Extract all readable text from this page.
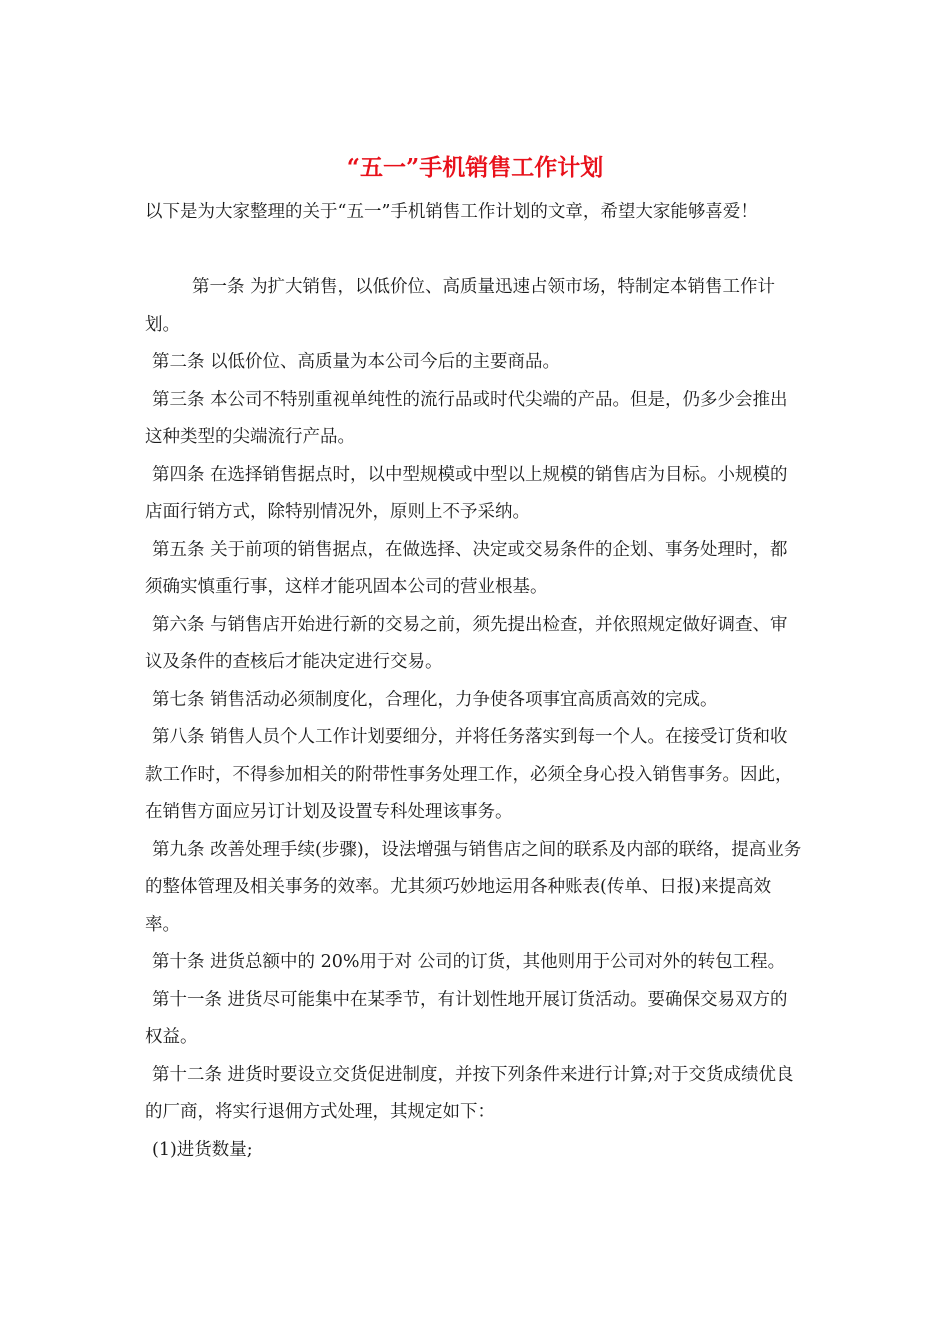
“五一”手机销售工作计划

以下是为大家整理的关于“五一”手机销售工作计划的文章，希望大家能够喜爱！

第一条 为扩大销售，以低价位、高质量迅速占领市场，特制定本销售工作计划。

第二条 以低价位、高质量为本公司今后的主要商品。

第三条 本公司不特别重视单纯性的流行品或时代尖端的产品。但是，仍多少会推出这种类型的尖端流行产品。

第四条 在选择销售据点时，以中型规模或中型以上规模的销售店为目标。小规模的店面行销方式，除特别情况外，原则上不予采纳。

第五条 关于前项的销售据点，在做选择、决定或交易条件的企划、事务处理时，都须确实慎重行事，这样才能巩固本公司的营业根基。

第六条 与销售店开始进行新的交易之前，须先提出检查，并依照规定做好调查、审议及条件的查核后才能决定进行交易。

第七条 销售活动必须制度化，合理化，力争使各项事宜高质高效的完成。

第八条 销售人员个人工作计划要细分，并将任务落实到每一个人。在接受订货和收款工作时，不得参加相关的附带性事务处理工作，必须全身心投入销售事务。因此，在销售方面应另订计划及设置专科处理该事务。

第九条 改善处理手续(步骤)，设法增强与销售店之间的联系及内部的联络，提高业务的整体管理及相关事务的效率。尤其须巧妙地运用各种账表(传单、日报)来提高效率。

第十条 进货总额中的 20%用于对 公司的订货，其他则用于公司对外的转包工程。

第十一条 进货尽可能集中在某季节，有计划性地开展订货活动。要确保交易双方的权益。

第十二条 进货时要设立交货促进制度，并按下列条件来进行计算;对于交货成绩优良的厂商，将实行退佣方式处理，其规定如下：

(1)进货数量;
